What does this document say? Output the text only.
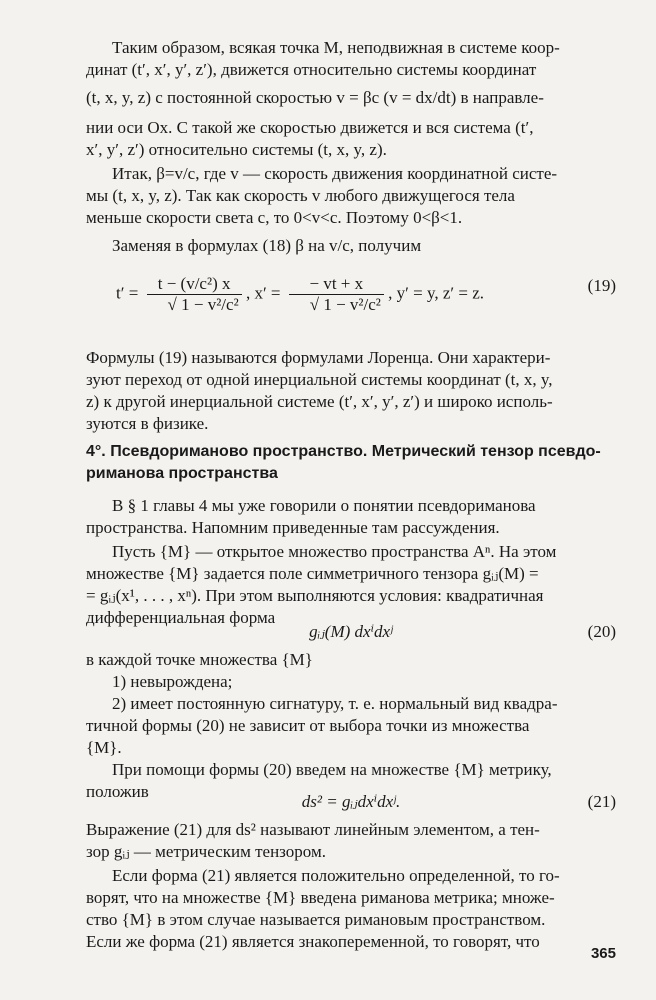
Таким образом, всякая точка M, неподвижная в системе коор-
динат (t′, x′, y′, z′), движется относительно системы координат
(t, x, y, z) с постоянной скоростью v = βc (v = dx/dt) в направле-
нии оси Ox. С такой же скоростью движется и вся система (t′,
x′, y′, z′) относительно системы (t, x, y, z).
Итак, β=v/c, где v — скорость движения координатной систе-
мы (t, x, y, z). Так как скорость v любого движущегося тела
меньше скорости света c, то 0<v<c. Поэтому 0<β<1.
Заменяя в формулах (18) β на v/c, получим
$t' = \frac{\text{t − (v/c²) x}}{\text{√ 1 − v²/c²}}$ , $x' = \frac{- vt + x}{\text{√ 1 − v²/c²}}$ , y′ = y, z′ = z.	(19)
Формулы (19) называются формулами Лоренца. Они характери-
зуют переход от одной инерциальной системы координат (t, x, y,
z) к другой инерциальной системе (t′, x′, y′, z′) и широко исполь-
зуются в физике.
4°. Псевдориманово пространство. Метрический тензор псевдо-
риманова пространства
В § 1 главы 4 мы уже говорили о понятии псевдориманова
пространства. Напомним приведенные там рассуждения.
Пусть {M} — открытое множество пространства Aⁿ. На этом
множестве {M} задается поле симметричного тензора gᵢⱼ(M) =
= gᵢⱼ(x¹, . . . , xⁿ). При этом выполняются условия: квадратичная
дифференциальная форма
gᵢⱼ(M) dxⁱdxʲ	(20)
в каждой точке множества {M}
1) невырождена;
2) имеет постоянную сигнатуру, т. е. нормальный вид квадра-
тичной формы (20) не зависит от выбора точки из множества
{M}.
При помощи формы (20) введем на множестве {M} метрику,
положив
ds² = gᵢⱼdxⁱdxʲ.	(21)
Выражение (21) для ds² называют линейным элементом, а тен-
зор gᵢⱼ — метрическим тензором.
Если форма (21) является положительно определенной, то го-
ворят, что на множестве {M} введена риманова метрика; множе-
ство {M} в этом случае называется римановым пространством.
Если же форма (21) является знакопеременной, то говорят, что
365
